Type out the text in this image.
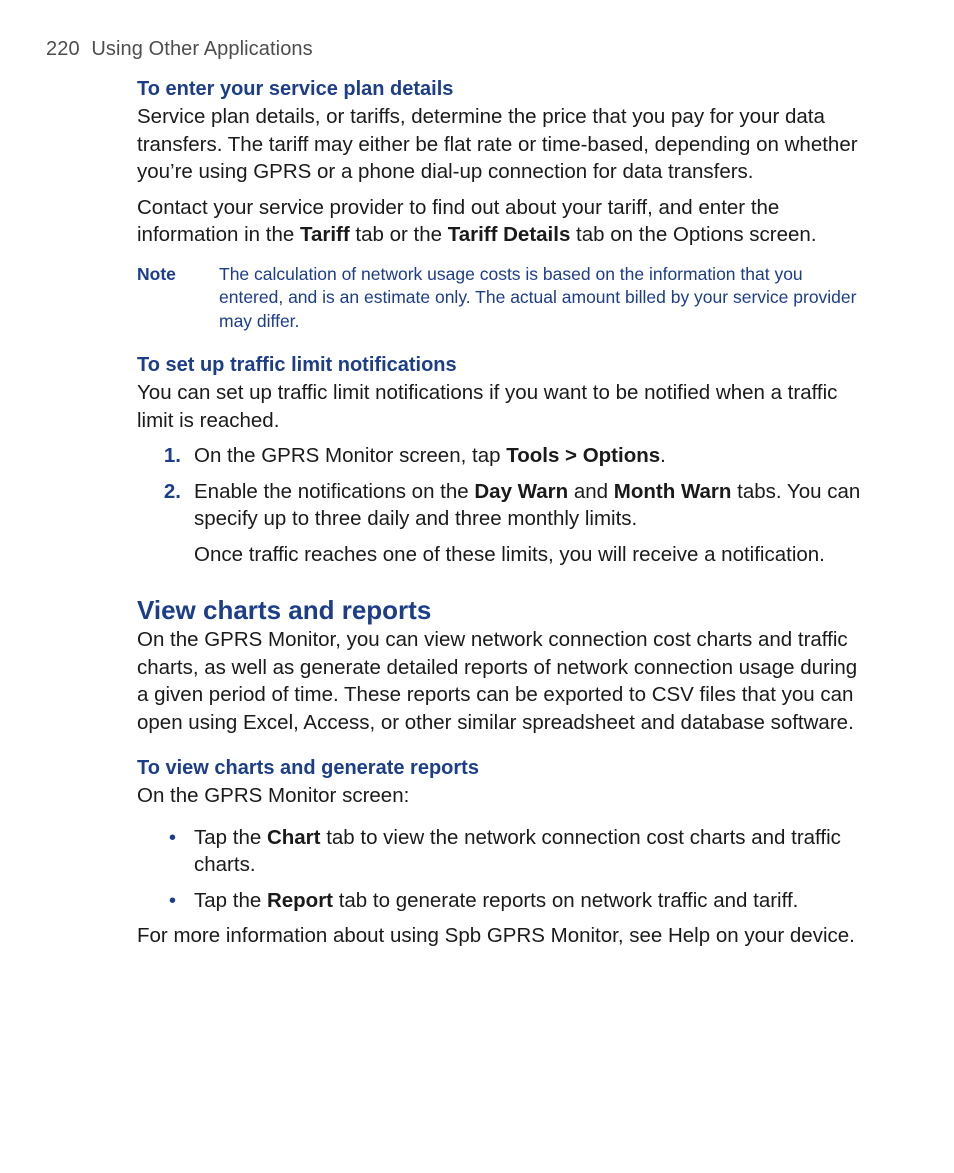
220 Using Other Applications

To enter your service plan details

Service plan details, or tariffs, determine the price that you pay for your data transfers. The tariff may either be flat rate or time-based, depending on whether you’re using GPRS or a phone dial-up connection for data transfers.

Contact your service provider to find out about your tariff, and enter the information in the Tariff tab or the Tariff Details tab on the Options screen.

Note	The calculation of network usage costs is based on the information that you entered, and is an estimate only. The actual amount billed by your service provider may differ.

To set up traffic limit notifications

You can set up traffic limit notifications if you want to be notified when a traffic limit is reached.

1. On the GPRS Monitor screen, tap Tools > Options.
2. Enable the notifications on the Day Warn and Month Warn tabs. You can specify up to three daily and three monthly limits.

Once traffic reaches one of these limits, you will receive a notification.

View charts and reports

On the GPRS Monitor, you can view network connection cost charts and traffic charts, as well as generate detailed reports of network connection usage during a given period of time. These reports can be exported to CSV files that you can open using Excel, Access, or other similar spreadsheet and database software.

To view charts and generate reports

On the GPRS Monitor screen:

• Tap the Chart tab to view the network connection cost charts and traffic charts.
• Tap the Report tab to generate reports on network traffic and tariff.

For more information about using Spb GPRS Monitor, see Help on your device.
